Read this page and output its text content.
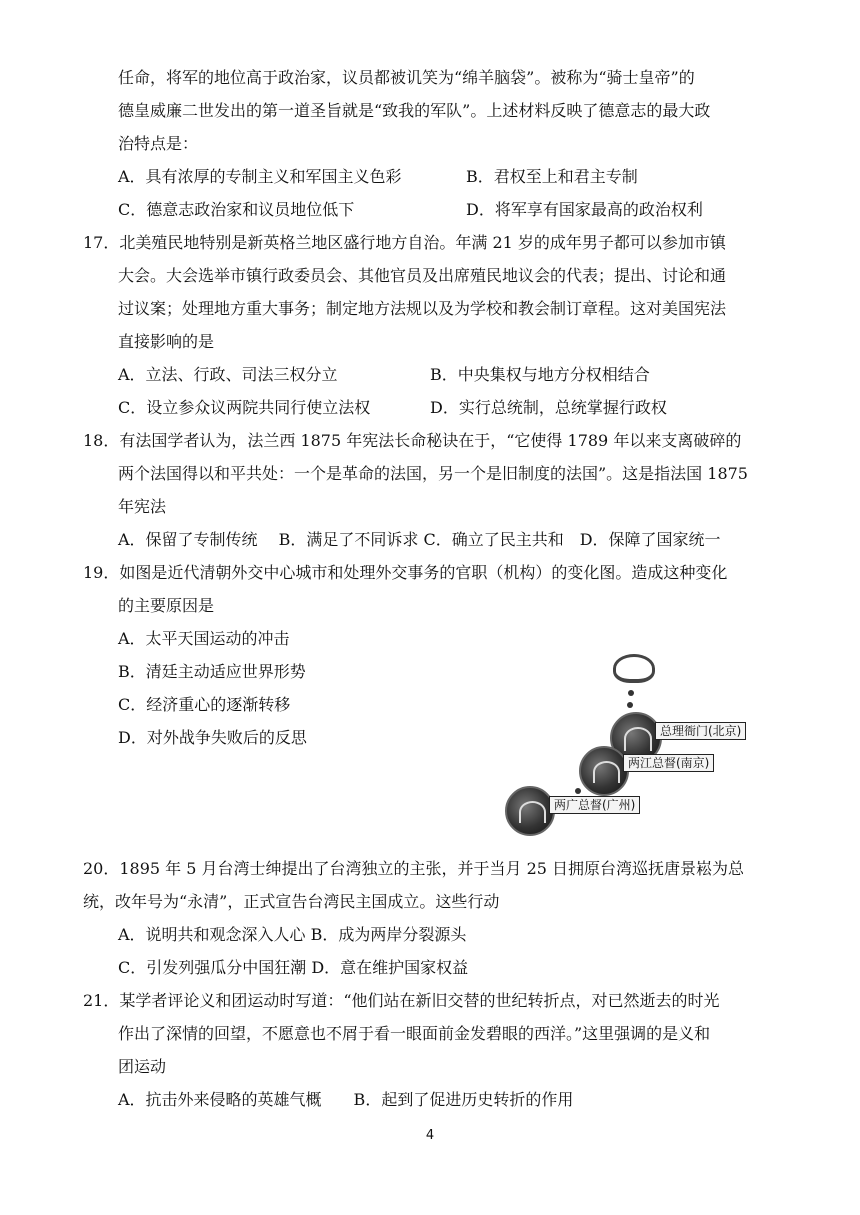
任命，将军的地位高于政治家，议员都被讥笑为“绵羊脑袋”。被称为“骑士皇帝”的
德皇威廉二世发出的第一道圣旨就是“致我的军队”。上述材料反映了德意志的最大政
治特点是：
A．具有浓厚的专制主义和军国主义色彩	B．君权至上和君主专制
C．德意志政治家和议员地位低下	D．将军享有国家最高的政治权利
17．北美殖民地特别是新英格兰地区盛行地方自治。年满 21 岁的成年男子都可以参加市镇
大会。大会选举市镇行政委员会、其他官员及出席殖民地议会的代表；提出、讨论和通
过议案；处理地方重大事务；制定地方法规以及为学校和教会制订章程。这对美国宪法
直接影响的是
A．立法、行政、司法三权分立	B．中央集权与地方分权相结合
C．设立参众议两院共同行使立法权	D．实行总统制，总统掌握行政权
18．有法国学者认为，法兰西 1875 年宪法长命秘诀在于，“它使得 1789 年以来支离破碎的
两个法国得以和平共处：一个是革命的法国，另一个是旧制度的法国”。这是指法国 1875
年宪法
A．保留了专制传统　 B．满足了不同诉求 C．确立了民主共和　D．保障了国家统一
19．如图是近代清朝外交中心城市和处理外交事务的官职（机构）的变化图。造成这种变化
的主要原因是
A．太平天国运动的冲击
B．清廷主动适应世界形势
C．经济重心的逐渐转移
D．对外战争失败后的反思	总理衙门(北京)
两江总督(南京)
两广总督(广州)
20．1895 年 5 月台湾士绅提出了台湾独立的主张，并于当月 25 日拥原台湾巡抚唐景崧为总
统，改年号为“永清”，正式宣告台湾民主国成立。这些行动
A．说明共和观念深入人心 B．成为两岸分裂源头
C．引发列强瓜分中国狂潮 D．意在维护国家权益
21．某学者评论义和团运动时写道：“他们站在新旧交替的世纪转折点，对已然逝去的时光
作出了深情的回望，不愿意也不屑于看一眼面前金发碧眼的西洋。”这里强调的是义和
团运动
A．抗击外来侵略的英雄气概　　B．起到了促进历史转折的作用
4
